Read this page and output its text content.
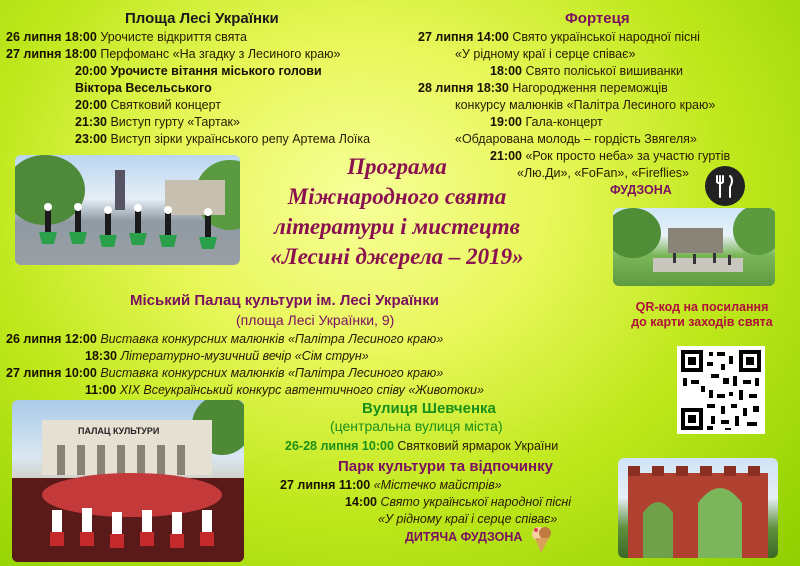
Площа Лесі Українки
26 липня 18:00 Урочисте відкриття свята
27 липня 18:00 Перфоманс «На згадку з Лесиного краю»
20:00 Урочисте вітання міського голови
Віктора Весельського
20:00 Святковий концерт
21:30 Виступ гурту «Тартак»
23:00 Виступ зірки українського репу Артема Лоїка
Фортеця
27 липня 14:00 Свято української народної пісні
«У рідному краї і серце співає»
18:00 Свято поліської вишиванки
28 липня 18:30 Нагородження переможців
конкурсу малюнків «Палітра Лесиного краю»
19:00 Гала-концерт
«Обдарована молодь – гордість Звягеля»
21:00 «Рок просто неба» за участю гуртів
«Лю.Ди», «FoFan», «Fireflies»
ФУДЗОНА
Програма
Міжнародного свята
літератури і мистецтв
«Лесині джерела – 2019»
Міський Палац культури ім. Лесі Українки
(площа Лесі Українки, 9)
26 липня 12:00 Виставка конкурсних малюнків «Палітра Лесиного краю»
18:30 Літературно-музичний вечір «Сім струн»
27 липня 10:00 Виставка конкурсних малюнків «Палітра Лесиного краю»
11:00 XIX Всеукраїнський конкурс автентичного співу «Животоки»
QR-код на посилання
до карти заходів свята
ПАЛАЦ КУЛЬТУРИ
Вулиця Шевченка
(центральна вулиця міста)
26-28 липня 10:00 Святковий ярмарок України
Парк культури та відпочинку
27 липня 11:00 «Містечко майстрів»
14:00 Свято української народної пісні
«У рідному краї і серце співає»
ДИТЯЧА ФУДЗОНА
